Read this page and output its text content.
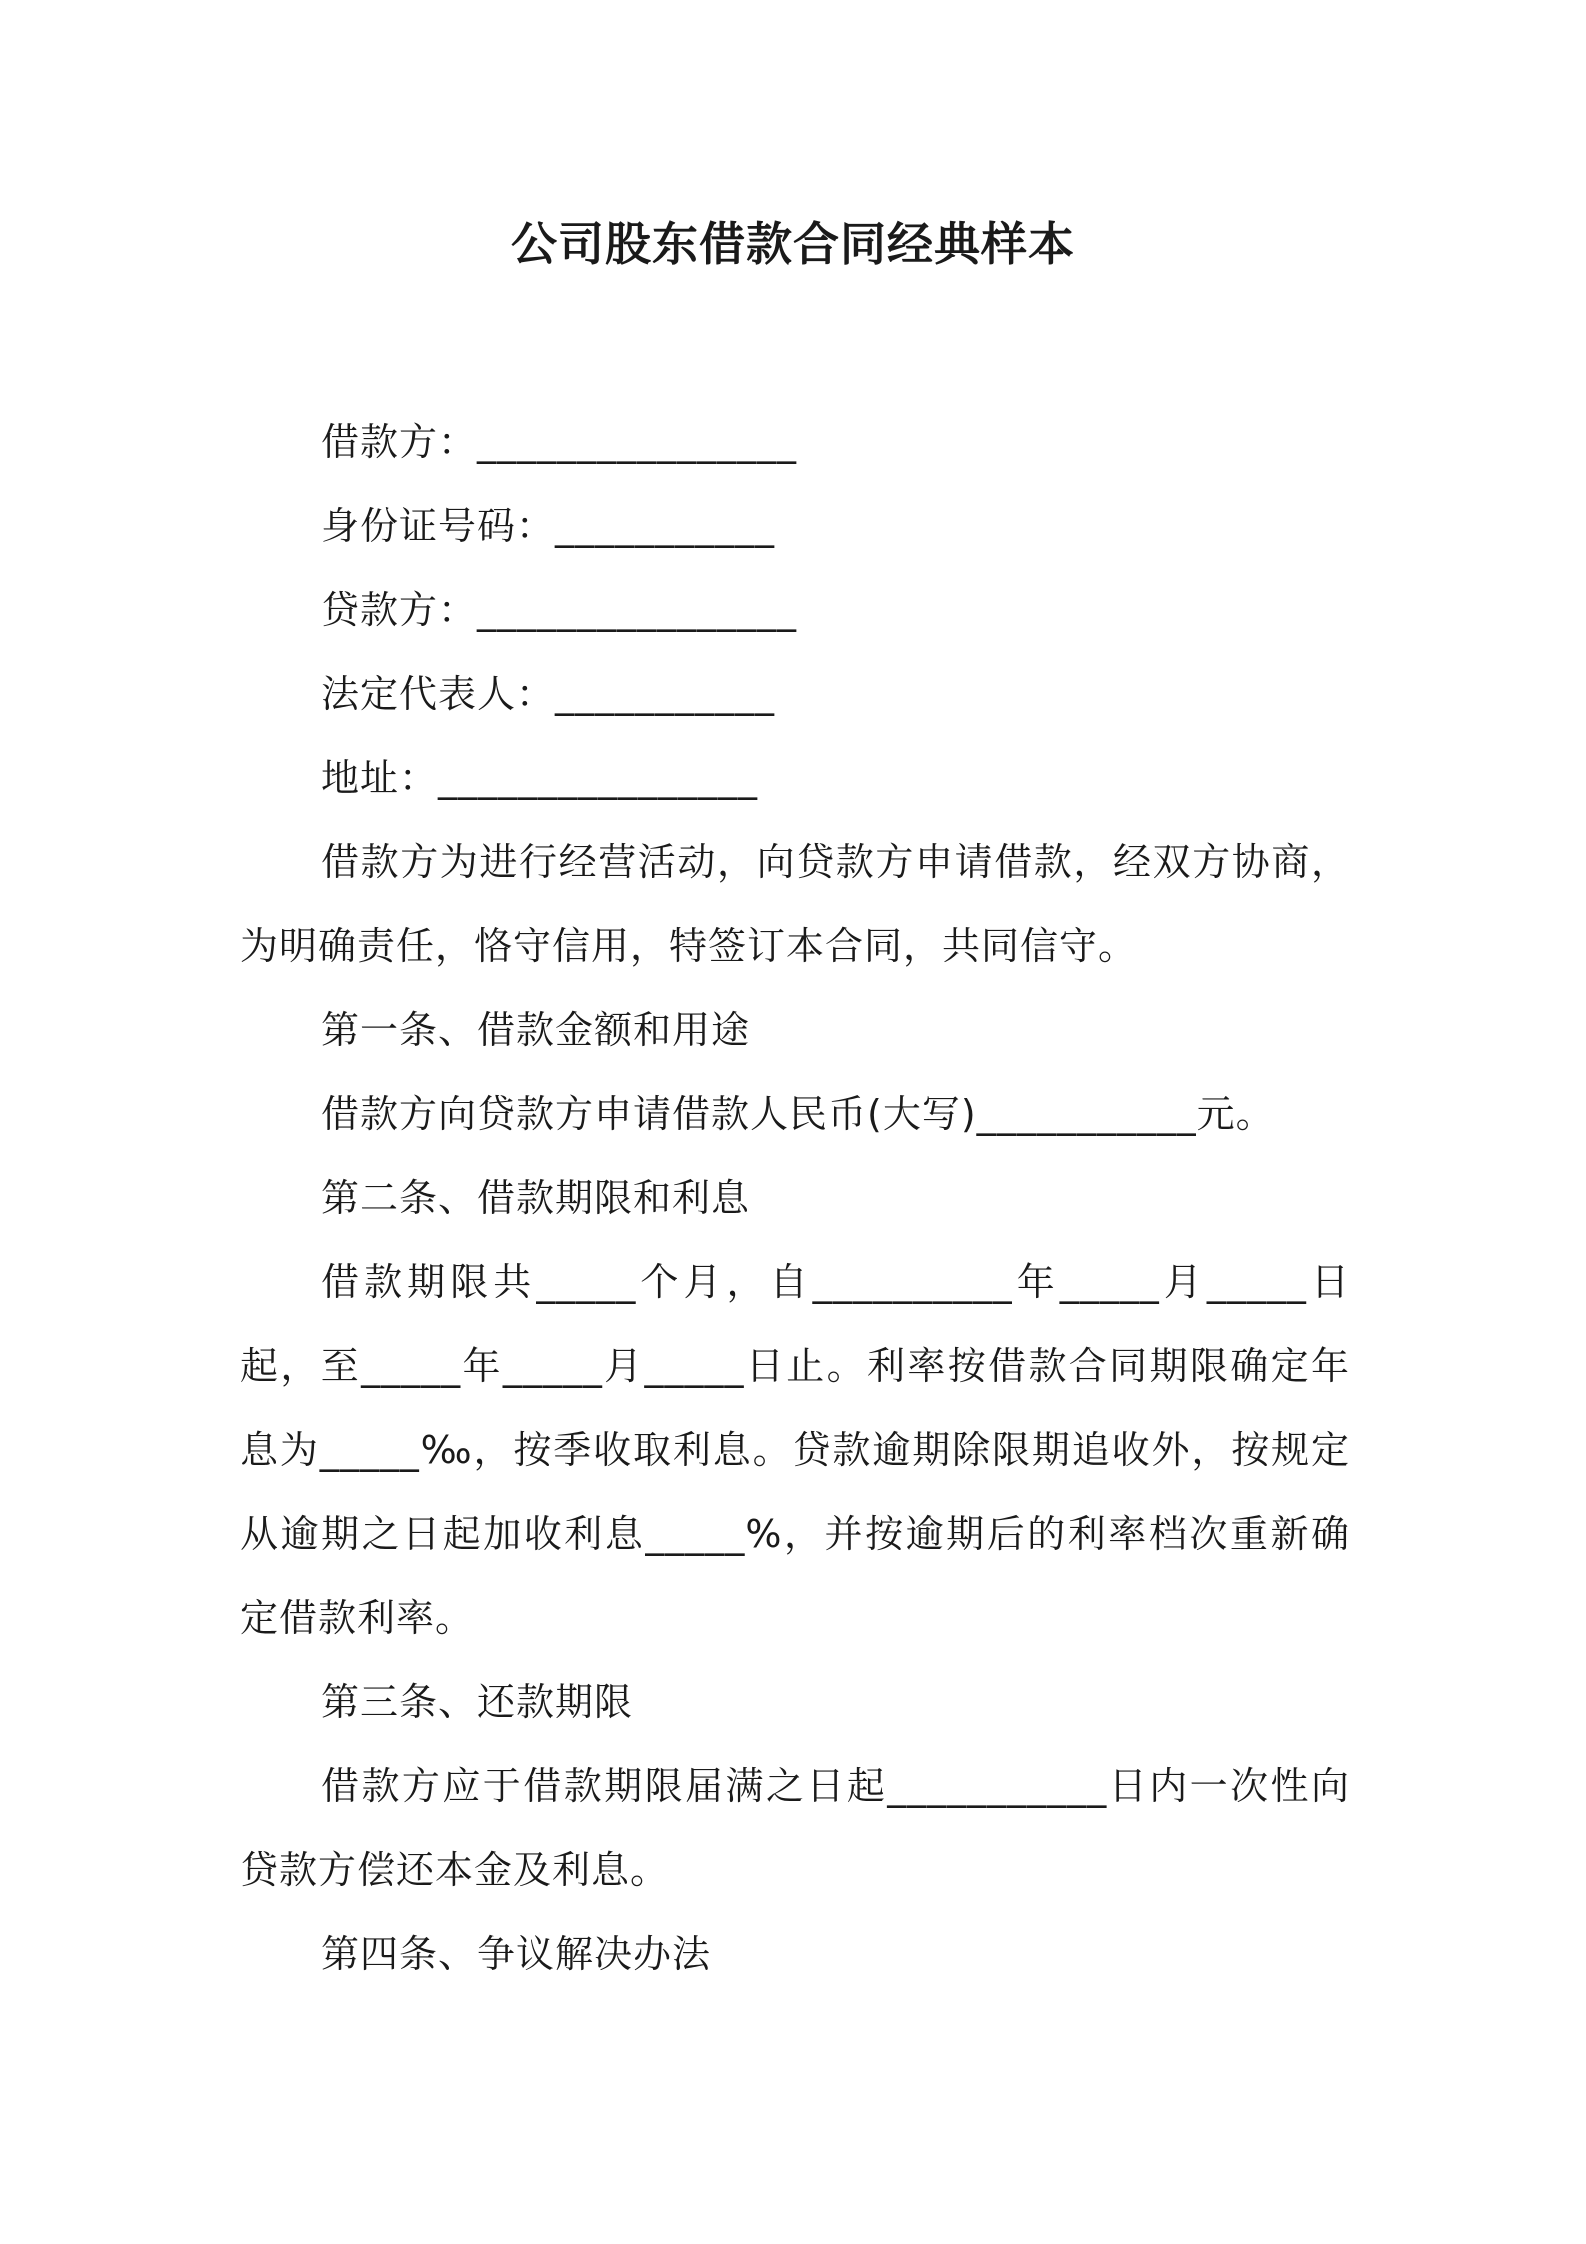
公司股东借款合同经典样本

借款方：________________

身份证号码：___________

贷款方：________________

法定代表人：___________

地址：________________

借款方为进行经营活动，向贷款方申请借款，经双方协商，为明确责任，恪守信用，特签订本合同，共同信守。

第一条、借款金额和用途

借款方向贷款方申请借款人民币(大写)___________元。

第二条、借款期限和利息

借款期限共_____个月，自__________年_____月_____日起，至_____年_____月_____日止。利率按借款合同期限确定年息为_____‰，按季收取利息。贷款逾期除限期追收外，按规定从逾期之日起加收利息_____%，并按逾期后的利率档次重新确定借款利率。

第三条、还款期限

借款方应于借款期限届满之日起___________日内一次性向贷款方偿还本金及利息。

第四条、争议解决办法
